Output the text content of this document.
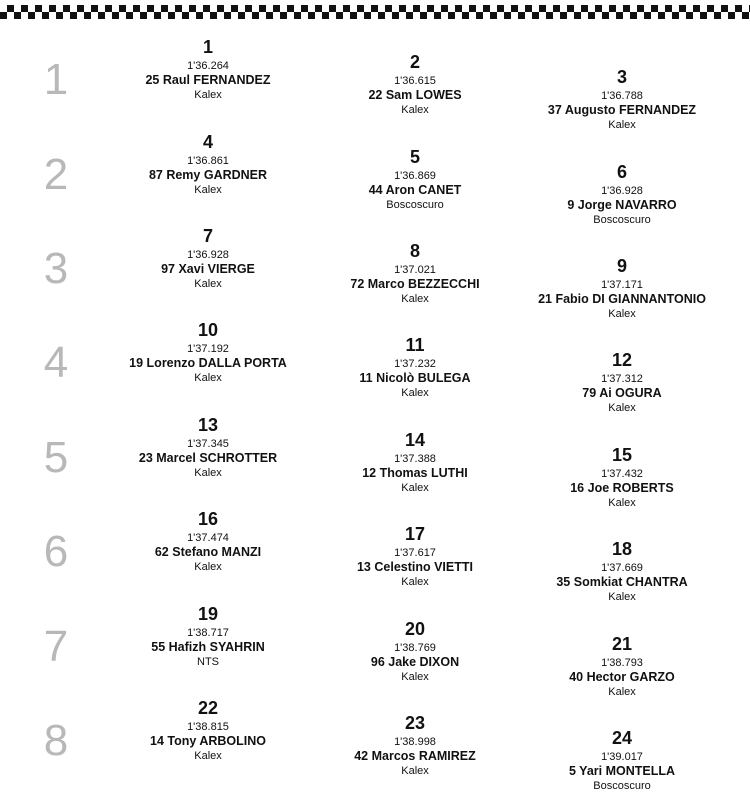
1
1
1'36.264
25 Raul FERNANDEZ
Kalex
2
1'36.615
22 Sam LOWES
Kalex
3
1'36.788
37 Augusto FERNANDEZ
Kalex
2
4
1'36.861
87 Remy GARDNER
Kalex
5
1'36.869
44 Aron CANET
Boscoscuro
6
1'36.928
9 Jorge NAVARRO
Boscoscuro
3
7
1'36.928
97 Xavi VIERGE
Kalex
8
1'37.021
72 Marco BEZZECCHI
Kalex
9
1'37.171
21 Fabio DI GIANNANTONIO
Kalex
4
10
1'37.192
19 Lorenzo DALLA PORTA
Kalex
11
1'37.232
11 Nicolò BULEGA
Kalex
12
1'37.312
79 Ai OGURA
Kalex
5
13
1'37.345
23 Marcel SCHROTTER
Kalex
14
1'37.388
12 Thomas LUTHI
Kalex
15
1'37.432
16 Joe ROBERTS
Kalex
6
16
1'37.474
62 Stefano MANZI
Kalex
17
1'37.617
13 Celestino VIETTI
Kalex
18
1'37.669
35 Somkiat CHANTRA
Kalex
7
19
1'38.717
55 Hafizh SYAHRIN
NTS
20
1'38.769
96 Jake DIXON
Kalex
21
1'38.793
40 Hector GARZO
Kalex
8
22
1'38.815
14 Tony ARBOLINO
Kalex
23
1'38.998
42 Marcos RAMIREZ
Kalex
24
1'39.017
5 Yari MONTELLA
Boscoscuro
